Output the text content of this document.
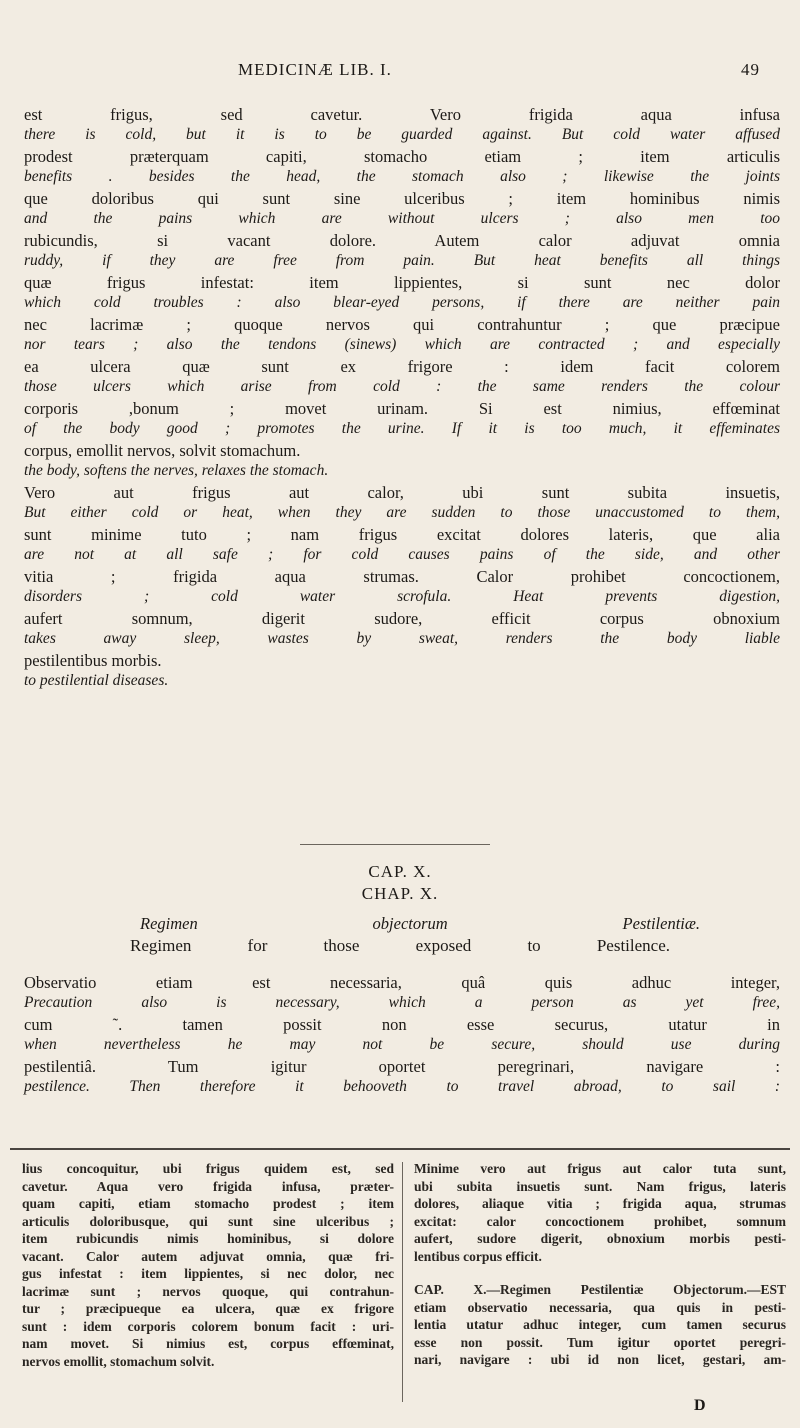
MEDICINÆ LIB. I.	49
est frigus, sed cavetur. Vero frigida aqua infusa
there is cold, but it is to be guarded against. But cold water affused
prodest præterquam capiti, stomacho etiam ; item articulis
benefits . besides the head, the stomach also ; likewise the joints
que doloribus qui sunt sine ulceribus ; item hominibus nimis
and the pains which are without ulcers ; also men too
rubicundis, si vacant dolore. Autem calor adjuvat omnia
ruddy, if they are free from pain. But heat benefits all things
quæ frigus infestat: item lippientes, si sunt nec dolor
which cold troubles : also blear-eyed persons, if there are neither pain
nec lacrimæ ; quoque nervos qui contrahuntur ; que præcipue
nor tears ; also the tendons (sinews) which are contracted ; and especially
ea ulcera quæ sunt ex frigore : idem facit colorem
those ulcers which arise from cold : the same renders the colour
corporis ,bonum ; movet urinam. Si est nimius, effœminat
of the body good ; promotes the urine. If it is too much, it effeminates
corpus, emollit nervos, solvit stomachum.
the body, softens the nerves, relaxes the stomach.
Vero aut frigus aut calor, ubi sunt subita insuetis,
But either cold or heat, when they are sudden to those unaccustomed to them,
sunt minime tuto ; nam frigus excitat dolores lateris, que alia
are not at all safe ; for cold causes pains of the side, and other
vitia ; frigida aqua strumas. Calor prohibet concoctionem,
disorders ; cold water scrofula. Heat prevents digestion,
aufert somnum, digerit sudore, efficit corpus obnoxium
takes away sleep, wastes by sweat, renders the body liable
pestilentibus morbis.
to pestilential diseases.
CAP. X.
CHAP. X.
Regimen objectorum Pestilentiæ.
Regimen for those exposed to Pestilence.
Observatio etiam est necessaria, quâ quis adhuc integer,
Precaution also is necessary, which a person as yet free,
cum ˜. tamen possit non esse securus, utatur in
when nevertheless he may not be secure, should use during
pestilentiâ. Tum igitur oportet peregrinari, navigare :
pestilence. Then therefore it behooveth to travel abroad, to sail :
lius concoquitur, ubi frigus quidem est, sed
cavetur. Aqua vero frigida infusa, præter-
quam capiti, etiam stomacho prodest ; item
articulis doloribusque, qui sunt sine ulceribus ;
item rubicundis nimis hominibus, si dolore
vacant. Calor autem adjuvat omnia, quæ fri-
gus infestat : item lippientes, si nec dolor, nec
lacrimæ sunt ; nervos quoque, qui contrahun-
tur ; præcipueque ea ulcera, quæ ex frigore
sunt : idem corporis colorem bonum facit : uri-
nam movet. Si nimius est, corpus effœminat,
nervos emollit, stomachum solvit.
Minime vero aut frigus aut calor tuta sunt,
ubi subita insuetis sunt. Nam frigus, lateris
dolores, aliaque vitia ; frigida aqua, strumas
excitat: calor concoctionem prohibet, somnum
aufert, sudore digerit, obnoxium morbis pesti-
lentibus corpus efficit.
CAP. X.—Regimen Pestilentiæ Objectorum.—EST
etiam observatio necessaria, qua quis in pesti-
lentia utatur adhuc integer, cum tamen securus
esse non possit. Tum igitur oportet peregri-
nari, navigare : ubi id non licet, gestari, am-
D
